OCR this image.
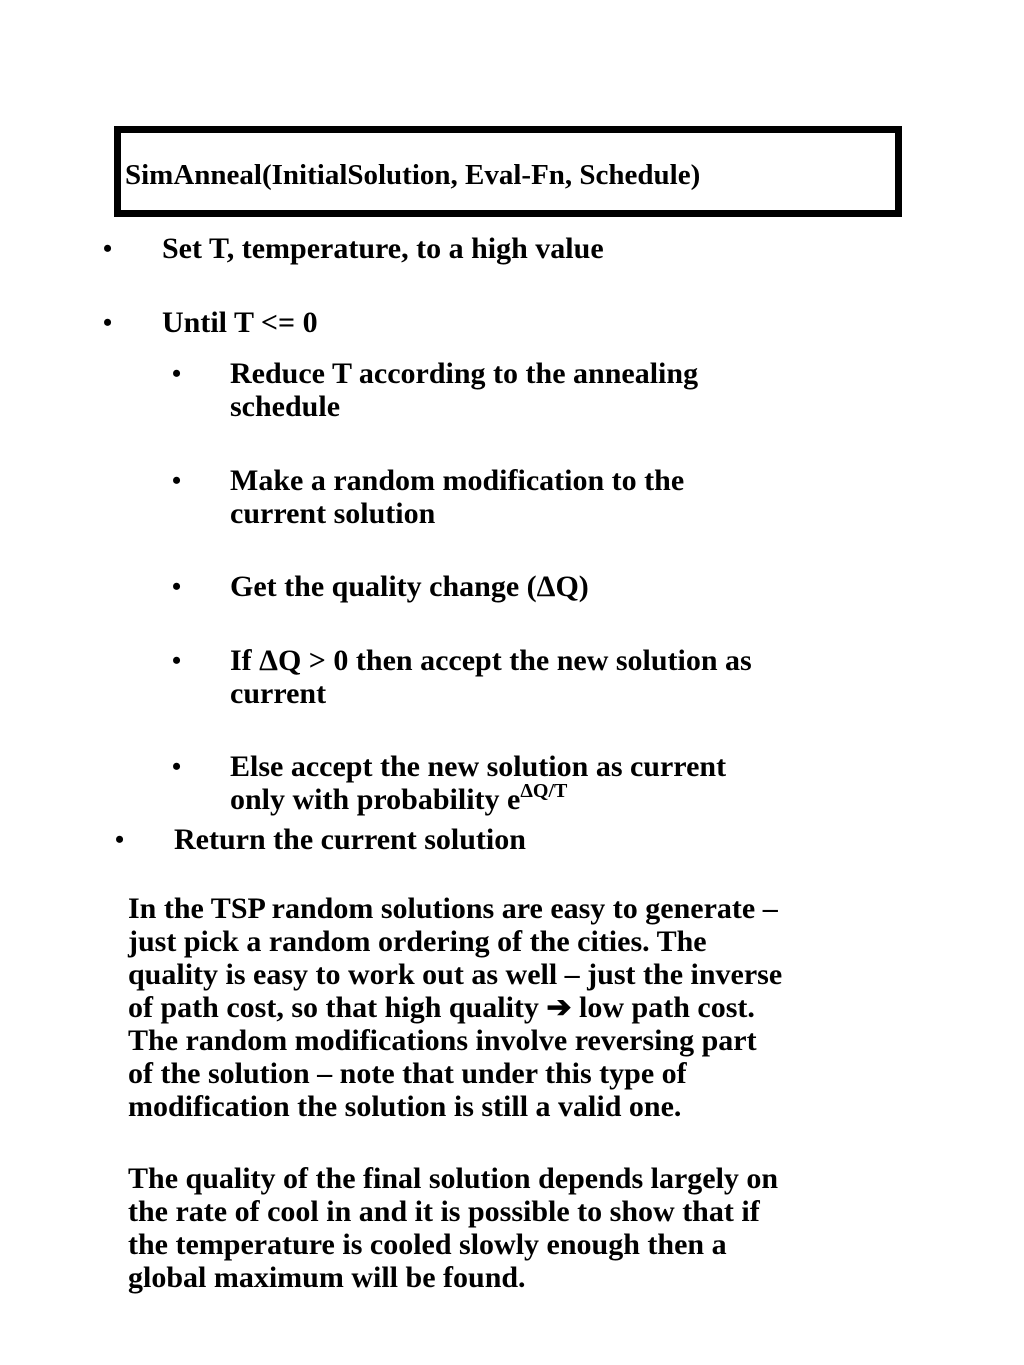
SimAnneal(InitialSolution, Eval-Fn, Schedule)
• Set T, temperature, to a high value
• Until T <= 0
• Reduce T according to the annealing
schedule
• Make a random modification to the
current solution
• Get the quality change (ΔQ)
• If ΔQ > 0 then accept the new solution as
current
• Else accept the new solution as current
only with probability $e^{\Delta Q/T}$
• Return the current solution
In the TSP random solutions are easy to generate –
just pick a random ordering of the cities. The
quality is easy to work out as well – just the inverse
of path cost, so that high quality ➔ low path cost.
The random modifications involve reversing part
of the solution – note that under this type of
modification the solution is still a valid one.
The quality of the final solution depends largely on
the rate of cool in and it is possible to show that if
the temperature is cooled slowly enough then a
global maximum will be found.
